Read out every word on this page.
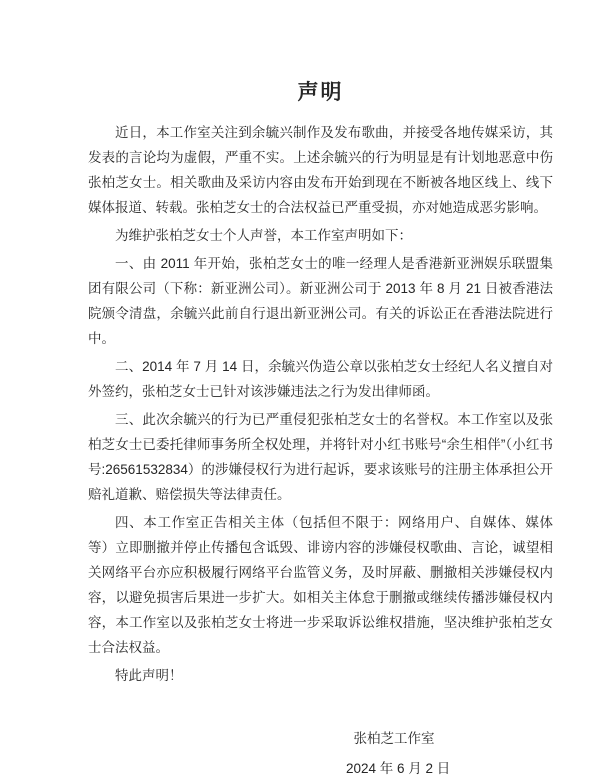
声明

近日，本工作室关注到余毓兴制作及发布歌曲，并接受各地传媒采访，其发表的言论均为虚假，严重不实。上述余毓兴的行为明显是有计划地恶意中伤张柏芝女士。相关歌曲及采访内容由发布开始到现在不断被各地区线上、线下媒体报道、转载。张柏芝女士的合法权益已严重受损，亦对她造成恶劣影响。

为维护张柏芝女士个人声誉，本工作室声明如下：

一、由 2011 年开始，张柏芝女士的唯一经理人是香港新亚洲娱乐联盟集团有限公司（下称：新亚洲公司）。新亚洲公司于 2013 年 8 月 21 日被香港法院颁令清盘，余毓兴此前自行退出新亚洲公司。有关的诉讼正在香港法院进行中。

二、2014 年 7 月 14 日，余毓兴伪造公章以张柏芝女士经纪人名义擅自对外签约，张柏芝女士已针对该涉嫌违法之行为发出律师函。

三、此次余毓兴的行为已严重侵犯张柏芝女士的名誉权。本工作室以及张柏芝女士已委托律师事务所全权处理，并将针对小红书账号“余生相伴”（小红书号:26561532834）的涉嫌侵权行为进行起诉，要求该账号的注册主体承担公开赔礼道歉、赔偿损失等法律责任。

四、本工作室正告相关主体（包括但不限于：网络用户、自媒体、媒体等）立即删撤并停止传播包含诋毁、诽谤内容的涉嫌侵权歌曲、言论，诚望相关网络平台亦应积极履行网络平台监管义务，及时屏蔽、删撤相关涉嫌侵权内容，以避免损害后果进一步扩大。如相关主体怠于删撤或继续传播涉嫌侵权内容，本工作室以及张柏芝女士将进一步采取诉讼维权措施，坚决维护张柏芝女士合法权益。

特此声明！

张柏芝工作室
2024 年 6 月 2 日
